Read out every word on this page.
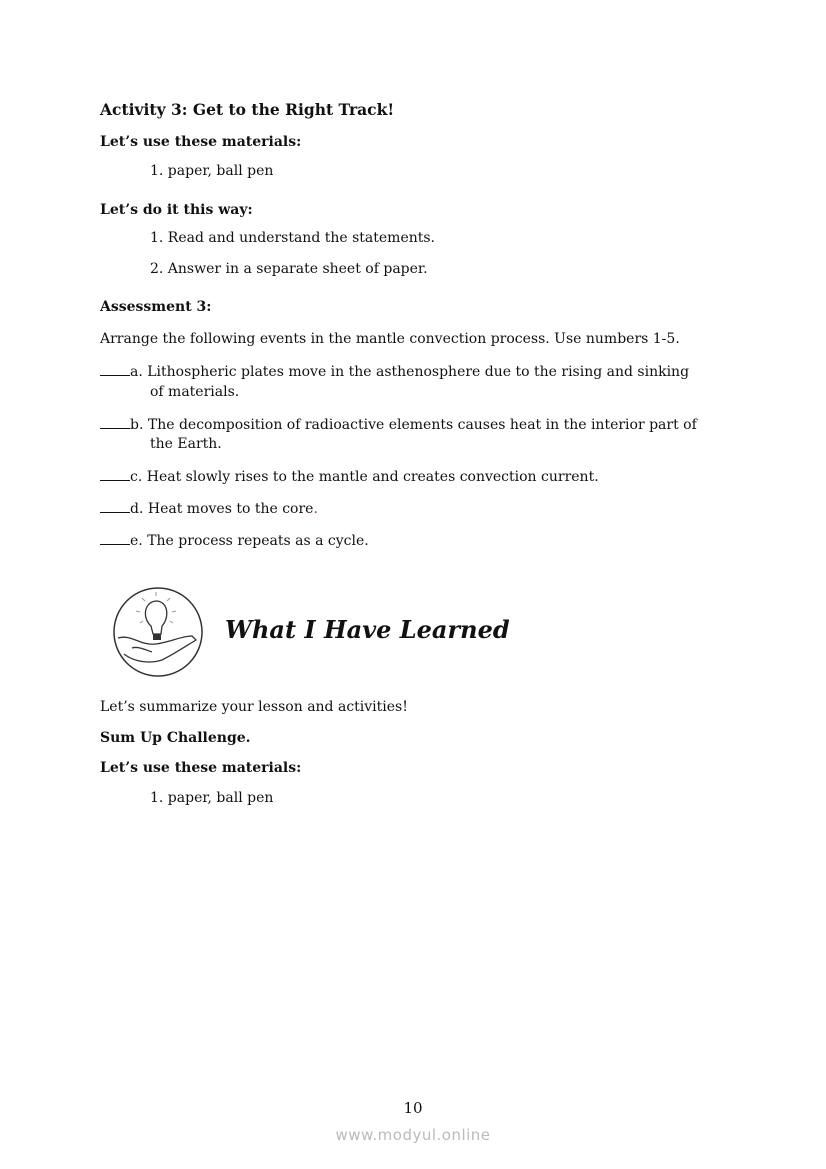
Activity 3: Get to the Right Track!
Let’s use these materials:
1. paper, ball pen
Let’s do it this way:
1. Read and understand the statements.
2. Answer in a separate sheet of paper.
Assessment 3:
Arrange the following events in the mantle convection process. Use numbers 1-5.
a. Lithospheric plates move in the asthenosphere due to the rising and sinking
of materials.
b. The decomposition of radioactive elements causes heat in the interior part of
the Earth.
c. Heat slowly rises to the mantle and creates convection current.
d. Heat moves to the core.
e. The process repeats as a cycle.
What I Have Learned
Let’s summarize your lesson and activities!
Sum Up Challenge.
Let’s use these materials:
1. paper, ball pen
10
www.modyul.online
